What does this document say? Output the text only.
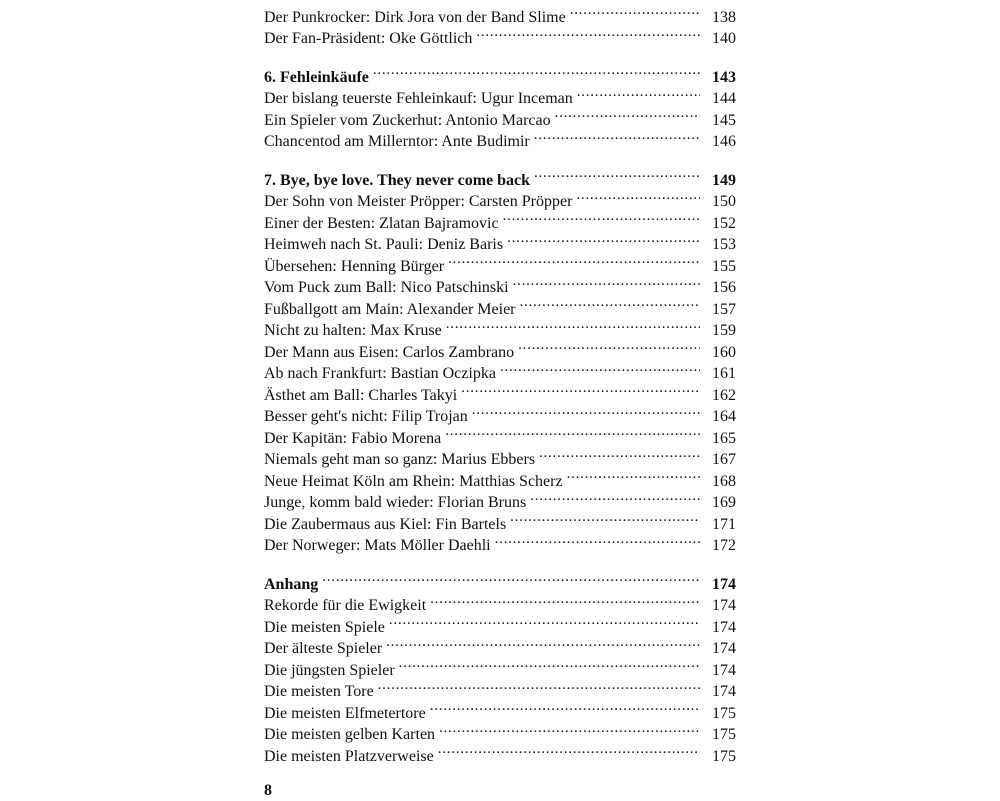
Der Punkrocker: Dirk Jora von der Band Slime . . .	138
Der Fan-Präsident: Oke Göttlich . . .	140
6. Fehleinkäufe . . .	143
Der bislang teuerste Fehleinkauf: Ugur Inceman . . .	144
Ein Spieler vom Zuckerhut: Antonio Marcao . . .	145
Chancentod am Millerntor: Ante Budimir . . .	146
7. Bye, bye love. They never come back . . .	149
Der Sohn von Meister Pröpper: Carsten Pröpper . . .	150
Einer der Besten: Zlatan Bajramovic . . .	152
Heimweh nach St. Pauli: Deniz Baris . . .	153
Übersehen: Henning Bürger . . .	155
Vom Puck zum Ball: Nico Patschinski . . .	156
Fußballgott am Main: Alexander Meier . . .	157
Nicht zu halten: Max Kruse . . .	159
Der Mann aus Eisen: Carlos Zambrano . . .	160
Ab nach Frankfurt: Bastian Oczipka . . .	161
Ästhet am Ball: Charles Takyi . . .	162
Besser geht's nicht: Filip Trojan . . .	164
Der Kapitän: Fabio Morena . . .	165
Niemals geht man so ganz: Marius Ebbers . . .	167
Neue Heimat Köln am Rhein: Matthias Scherz . . .	168
Junge, komm bald wieder: Florian Bruns . . .	169
Die Zaubermaus aus Kiel: Fin Bartels . . .	171
Der Norweger: Mats Möller Daehli . . .	172
Anhang . . .	174
Rekorde für die Ewigkeit . . .	174
Die meisten Spiele . . .	174
Der älteste Spieler . . .	174
Die jüngsten Spieler . . .	174
Die meisten Tore . . .	174
Die meisten Elfmetertore . . .	175
Die meisten gelben Karten . . .	175
Die meisten Platzverweise . . .	175
8
